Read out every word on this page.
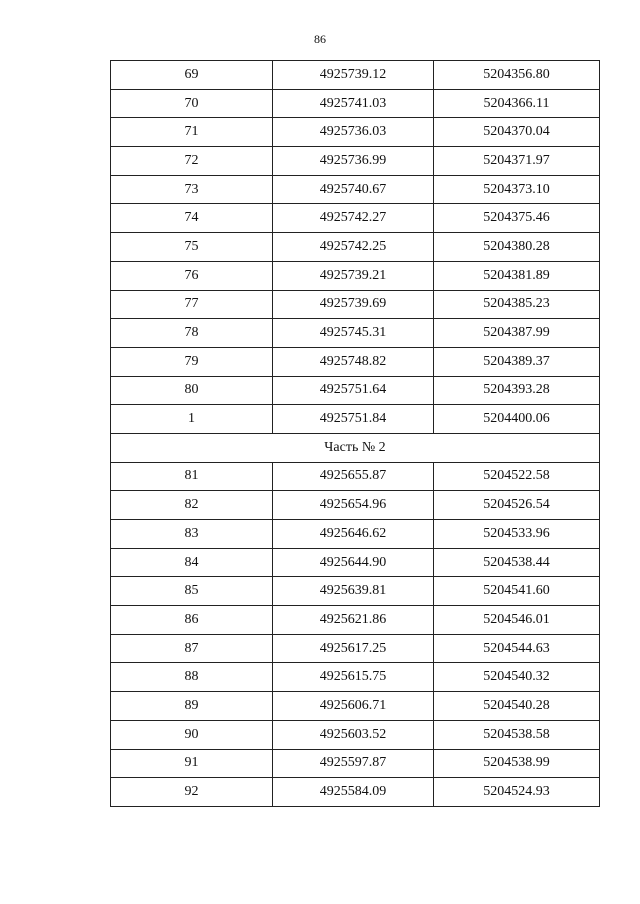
86
69	4925739.12	5204356.80
70	4925741.03	5204366.11
71	4925736.03	5204370.04
72	4925736.99	5204371.97
73	4925740.67	5204373.10
74	4925742.27	5204375.46
75	4925742.25	5204380.28
76	4925739.21	5204381.89
77	4925739.69	5204385.23
78	4925745.31	5204387.99
79	4925748.82	5204389.37
80	4925751.64	5204393.28
1	4925751.84	5204400.06
Часть № 2		
81	4925655.87	5204522.58
82	4925654.96	5204526.54
83	4925646.62	5204533.96
84	4925644.90	5204538.44
85	4925639.81	5204541.60
86	4925621.86	5204546.01
87	4925617.25	5204544.63
88	4925615.75	5204540.32
89	4925606.71	5204540.28
90	4925603.52	5204538.58
91	4925597.87	5204538.99
92	4925584.09	5204524.93
